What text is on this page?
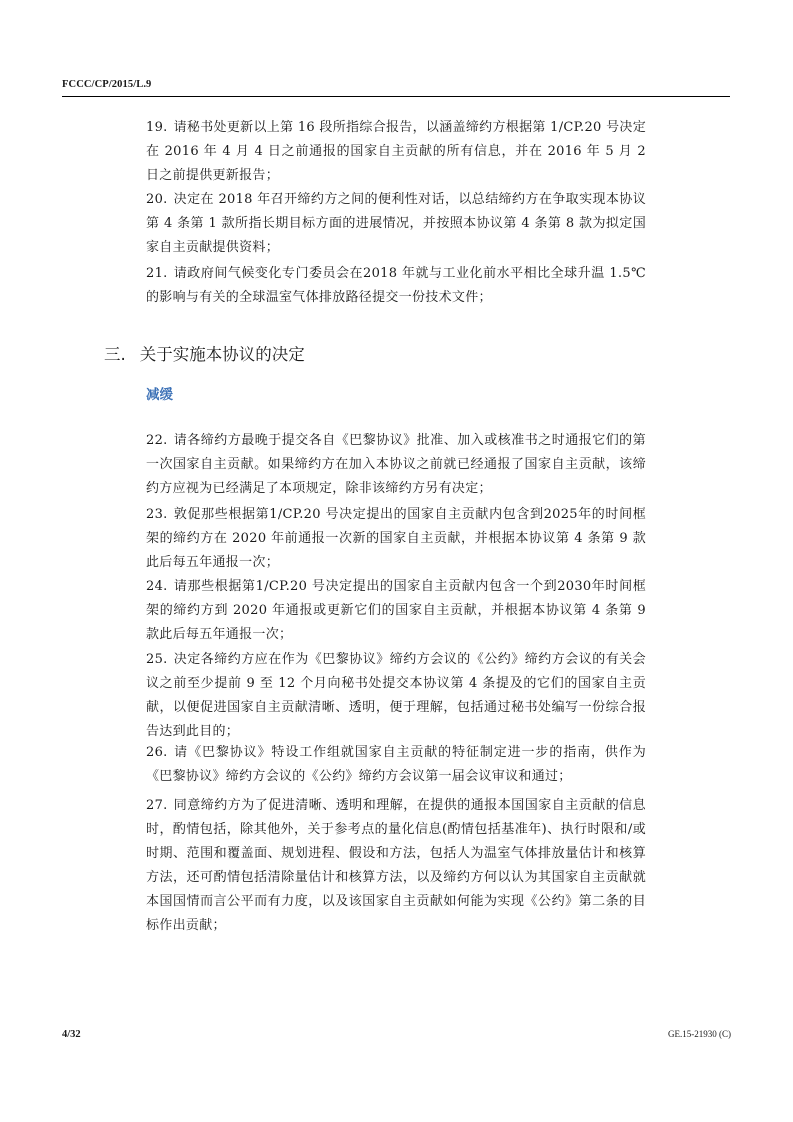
FCCC/CP/2015/L.9
19. 请秘书处更新以上第 16 段所指综合报告，以涵盖缔约方根据第 1/CP.20 号决定在 2016 年 4 月 4 日之前通报的国家自主贡献的所有信息，并在 2016 年 5 月 2 日之前提供更新报告；
20. 决定在 2018 年召开缔约方之间的便利性对话，以总结缔约方在争取实现本协议第 4 条第 1 款所指长期目标方面的进展情况，并按照本协议第 4 条第 8 款为拟定国家自主贡献提供资料；
21. 请政府间气候变化专门委员会在2018 年就与工业化前水平相比全球升温 1.5℃的影响与有关的全球温室气体排放路径提交一份技术文件；
三. 关于实施本协议的决定
减缓
22. 请各缔约方最晚于提交各自《巴黎协议》批准、加入或核准书之时通报它们的第一次国家自主贡献。如果缔约方在加入本协议之前就已经通报了国家自主贡献，该缔约方应视为已经满足了本项规定，除非该缔约方另有决定；
23. 敦促那些根据第1/CP.20 号决定提出的国家自主贡献内包含到2025年的时间框架的缔约方在 2020 年前通报一次新的国家自主贡献，并根据本协议第 4 条第 9 款此后每五年通报一次；
24. 请那些根据第1/CP.20 号决定提出的国家自主贡献内包含一个到2030年时间框架的缔约方到 2020 年通报或更新它们的国家自主贡献，并根据本协议第 4 条第 9 款此后每五年通报一次；
25. 决定各缔约方应在作为《巴黎协议》缔约方会议的《公约》缔约方会议的有关会议之前至少提前 9 至 12 个月向秘书处提交本协议第 4 条提及的它们的国家自主贡献，以便促进国家自主贡献清晰、透明，便于理解，包括通过秘书处编写一份综合报告达到此目的；
26. 请《巴黎协议》特设工作组就国家自主贡献的特征制定进一步的指南，供作为《巴黎协议》缔约方会议的《公约》缔约方会议第一届会议审议和通过；
27. 同意缔约方为了促进清晰、透明和理解，在提供的通报本国国家自主贡献的信息时，酌情包括，除其他外，关于参考点的量化信息(酌情包括基准年)、执行时限和/或时期、范围和覆盖面、规划进程、假设和方法，包括人为温室气体排放量估计和核算方法，还可酌情包括清除量估计和核算方法，以及缔约方何以认为其国家自主贡献就本国国情而言公平而有力度，以及该国家自主贡献如何能为实现《公约》第二条的目标作出贡献；
4/32	GE.15-21930 (C)
